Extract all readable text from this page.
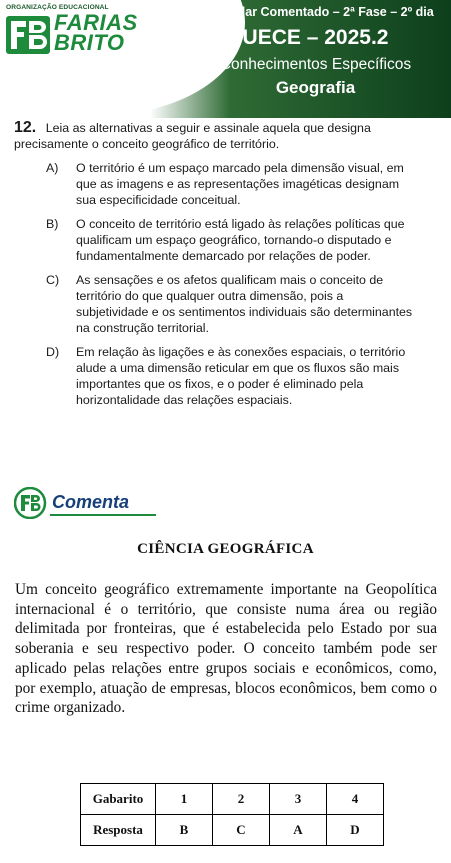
ORGANIZAÇÃO EDUCACIONAL
FARIAS
BRITO
Vestibular Comentado – 2ª Fase – 2º dia
UECE – 2025.2
Conhecimentos Específicos
Geografia

12. Leia as alternativas a seguir e assinale aquela que designa precisamente o conceito geográfico de território.

A)	O território é um espaço marcado pela dimensão visual, em que as imagens e as representações imagéticas designam sua especificidade conceitual.
B)	O conceito de território está ligado às relações políticas que qualificam um espaço geográfico, tornando-o disputado e fundamentalmente demarcado por relações de poder.
C)	As sensações e os afetos qualificam mais o conceito de território do que qualquer outra dimensão, pois a subjetividade e os sentimentos individuais são determinantes na construção territorial.
D)	Em relação às ligações e às conexões espaciais, o território alude a uma dimensão reticular em que os fluxos são mais importantes que os fixos, e o poder é eliminado pela horizontalidade das relações espaciais.
Comenta
CIÊNCIA GEOGRÁFICA
Um conceito geográfico extremamente importante na Geopolítica internacional é o território, que consiste numa área ou região delimitada por fronteiras, que é estabelecida pelo Estado por sua soberania e seu respectivo poder. O conceito também pode ser aplicado pelas relações entre grupos sociais e econômicos, como, por exemplo, atuação de empresas, blocos econômicos, bem como o crime organizado.
Gabarito	1	2	3	4
Resposta	B	C	A	D
